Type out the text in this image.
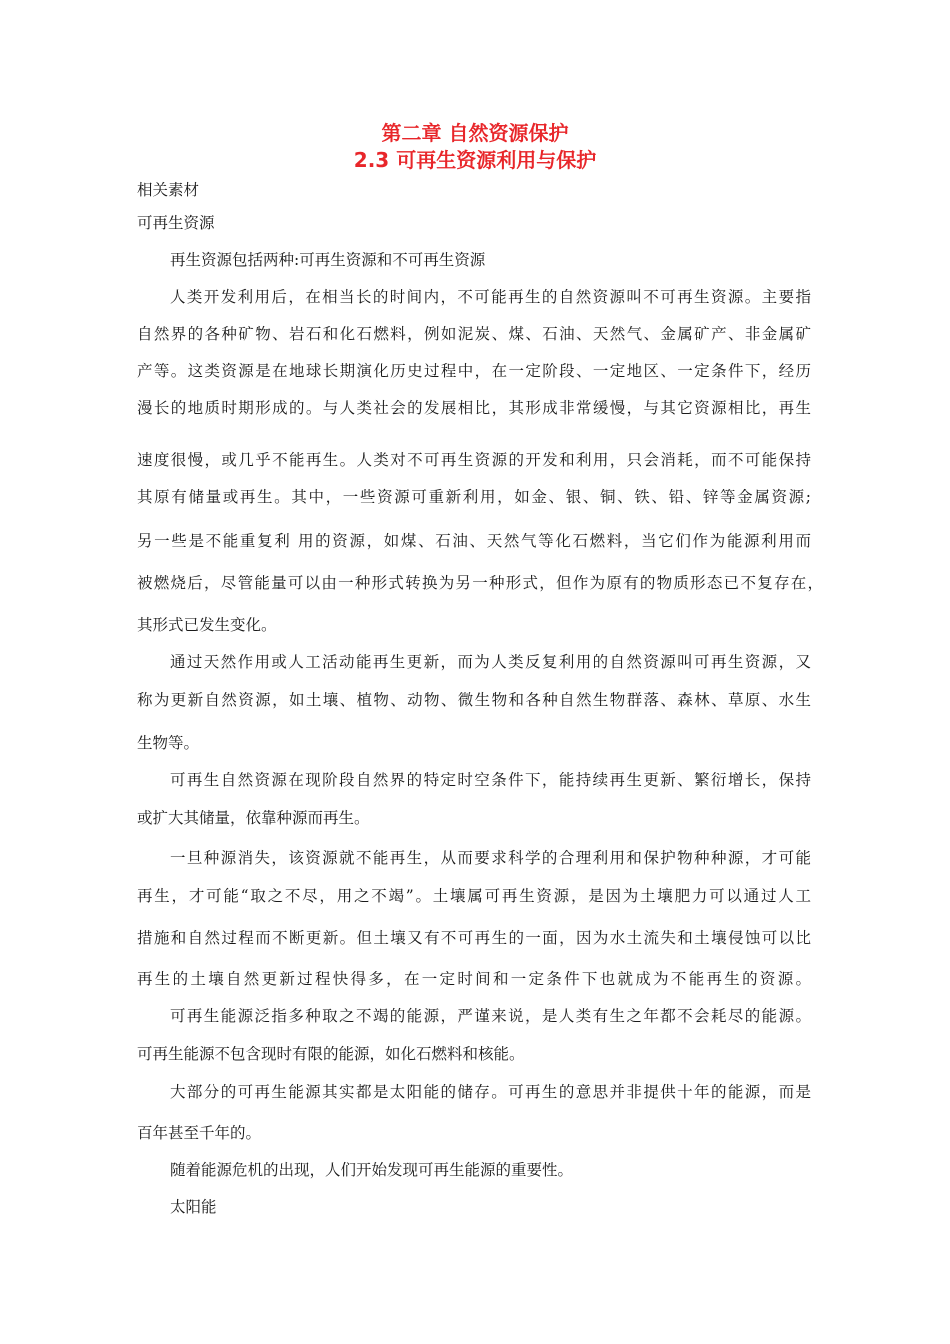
第二章 自然资源保护
2.3 可再生资源利用与保护
相关素材
可再生资源
再生资源包括两种:可再生资源和不可再生资源
人类开发利用后，在相当长的时间内，不可能再生的自然资源叫不可再生资源。主要指
自然界的各种矿物、岩石和化石燃料，例如泥炭、煤、石油、天然气、金属矿产、非金属矿
产等。这类资源是在地球长期演化历史过程中，在一定阶段、一定地区、一定条件下，经历
漫长的地质时期形成的。与人类社会的发展相比，其形成非常缓慢，与其它资源相比，再生
速度很慢，或几乎不能再生。人类对不可再生资源的开发和利用，只会消耗，而不可能保持
其原有储量或再生。其中，一些资源可重新利用，如金、银、铜、铁、铅、锌等金属资源;
另一些是不能重复利 用的资源，如煤、石油、天然气等化石燃料，当它们作为能源利用而
被燃烧后，尽管能量可以由一种形式转换为另一种形式，但作为原有的物质形态已不复存在，
其形式已发生变化。
通过天然作用或人工活动能再生更新，而为人类反复利用的自然资源叫可再生资源，又
称为更新自然资源，如土壤、植物、动物、微生物和各种自然生物群落、森林、草原、水生
生物等。
可再生自然资源在现阶段自然界的特定时空条件下，能持续再生更新、繁衍增长，保持
或扩大其储量，依靠种源而再生。
一旦种源消失，该资源就不能再生，从而要求科学的合理利用和保护物种种源，才可能
再生，才可能“取之不尽，用之不竭”。土壤属可再生资源，是因为土壤肥力可以通过人工
措施和自然过程而不断更新。但土壤又有不可再生的一面，因为水土流失和土壤侵蚀可以比
再生的土壤自然更新过程快得多，在一定时间和一定条件下也就成为不能再生的资源。
可再生能源泛指多种取之不竭的能源，严谨来说，是人类有生之年都不会耗尽的能源。
可再生能源不包含现时有限的能源，如化石燃料和核能。
大部分的可再生能源其实都是太阳能的储存。可再生的意思并非提供十年的能源，而是
百年甚至千年的。
随着能源危机的出现，人们开始发现可再生能源的重要性。
太阳能
